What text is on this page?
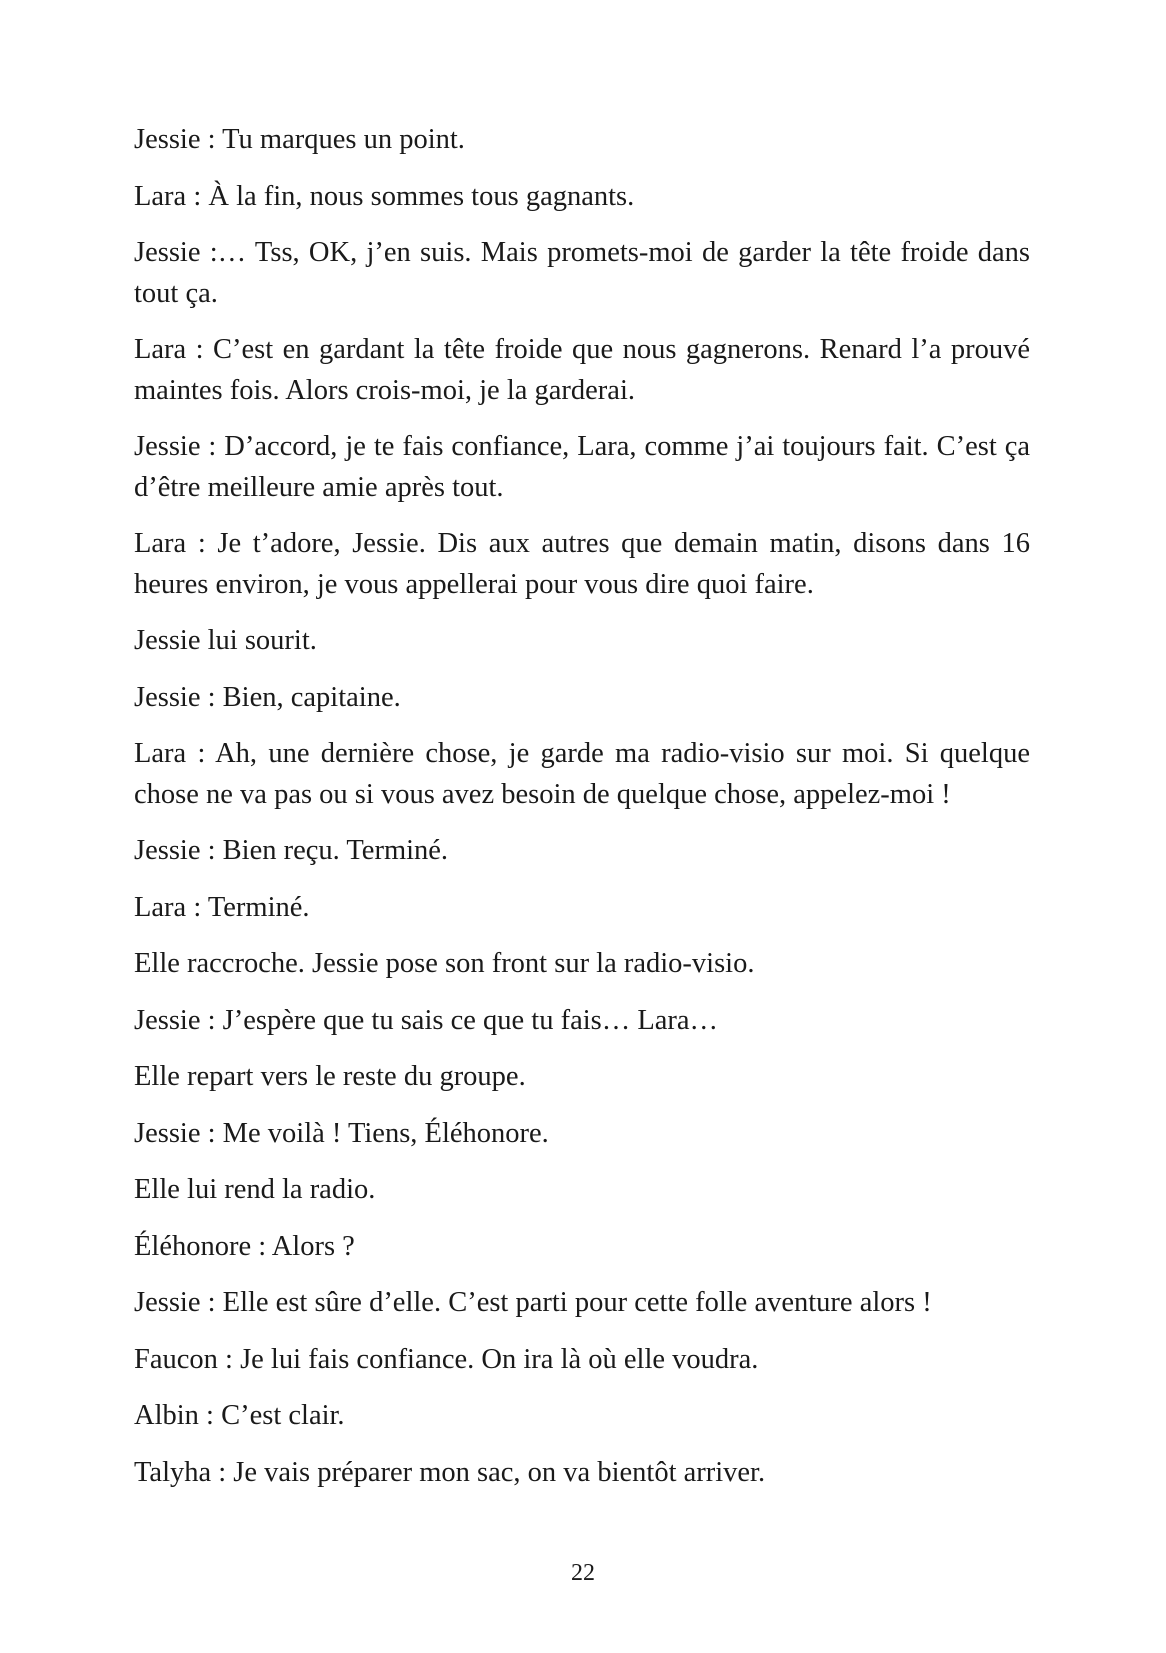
Jessie : Tu marques un point.

Lara : À la fin, nous sommes tous gagnants.

Jessie :… Tss, OK, j’en suis. Mais promets-moi de garder la tête froide dans tout ça.

Lara : C’est en gardant la tête froide que nous gagnerons. Renard l’a prouvé maintes fois. Alors crois-moi, je la garderai.

Jessie : D’accord, je te fais confiance, Lara, comme j’ai toujours fait. C’est ça d’être meilleure amie après tout.

Lara : Je t’adore, Jessie. Dis aux autres que demain matin, disons dans 16 heures environ, je vous appellerai pour vous dire quoi faire.

Jessie lui sourit.

Jessie : Bien, capitaine.

Lara : Ah, une dernière chose, je garde ma radio-visio sur moi. Si quelque chose ne va pas ou si vous avez besoin de quelque chose, appelez-moi !

Jessie : Bien reçu. Terminé.

Lara : Terminé.

Elle raccroche. Jessie pose son front sur la radio-visio.

Jessie : J’espère que tu sais ce que tu fais… Lara…

Elle repart vers le reste du groupe.

Jessie : Me voilà ! Tiens, Éléhonore.

Elle lui rend la radio.

Éléhonore : Alors ?

Jessie : Elle est sûre d’elle. C’est parti pour cette folle aventure alors !

Faucon : Je lui fais confiance. On ira là où elle voudra.

Albin : C’est clair.

Talyha : Je vais préparer mon sac, on va bientôt arriver.

22
